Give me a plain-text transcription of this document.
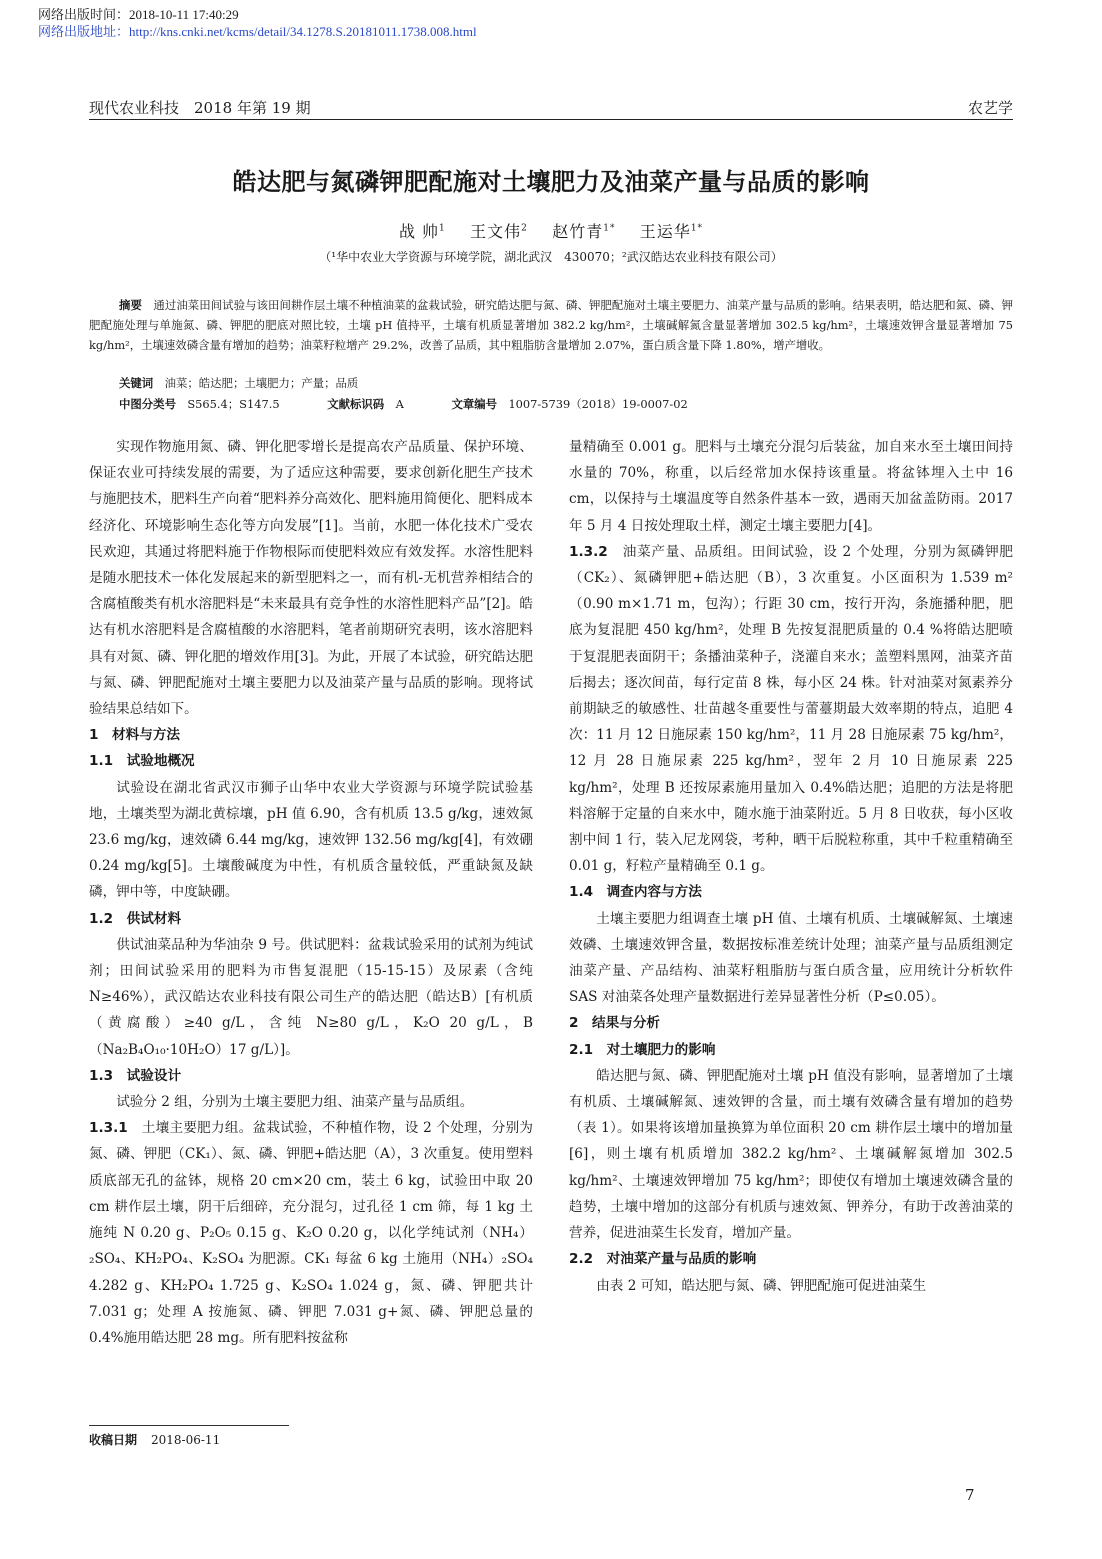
网络出版时间：2018-10-11 17:40:29
网络出版地址：http://kns.cnki.net/kcms/detail/34.1278.S.20181011.1738.008.html
现代农业科技　2018 年第 19 期	农艺学
皓达肥与氮磷钾肥配施对土壤肥力及油菜产量与品质的影响
战 帅$^1$ 王文伟$^2$ 赵竹青$^{1*}$ 王运华$^{1*}$
（¹华中农业大学资源与环境学院，湖北武汉　430070；²武汉皓达农业科技有限公司）
摘要　 通过油菜田间试验与该田间耕作层土壤不种植油菜的盆栽试验，研究皓达肥与氮、磷、钾肥配施对土壤主要肥力、油菜产量与品质的影响。结果表明，皓达肥和氮、磷、钾肥配施处理与单施氮、磷、钾肥的肥底对照比较，土壤 pH 值持平，土壤有机质显著增加 382.2 kg/hm²，土壤碱解氮含量显著增加 302.5 kg/hm²，土壤速效钾含量显著增加 75 kg/hm²，土壤速效磷含量有增加的趋势；油菜籽粒增产 29.2%，改善了品质，其中粗脂肪含量增加 2.07%，蛋白质含量下降 1.80%，增产增收。
关键词　 油菜；皓达肥；土壤肥力；产量；品质
中图分类号　 S565.4；S147.5	文献标识码　 A	文章编号　 1007-5739（2018）19-0007-02

实现作物施用氮、磷、钾化肥零增长是提高农产品质量、保护环境、保证农业可持续发展的需要，为了适应这种需要，要求创新化肥生产技术与施肥技术，肥料生产向着“肥料养分高效化、肥料施用简便化、肥料成本经济化、环境影响生态化等方向发展”[1]。当前，水肥一体化技术广受农民欢迎，其通过将肥料施于作物根际而使肥料效应有效发挥。水溶性肥料是随水肥技术一体化发展起来的新型肥料之一，而有机-无机营养相结合的含腐植酸类有机水溶肥料是“未来最具有竞争性的水溶性肥料产品”[2]。皓达有机水溶肥料是含腐植酸的水溶肥料，笔者前期研究表明，该水溶肥料具有对氮、磷、钾化肥的增效作用[3]。为此，开展了本试验，研究皓达肥与氮、磷、钾肥配施对土壤主要肥力以及油菜产量与品质的影响。现将试验结果总结如下。

1　材料与方法
1.1　试验地概况

试验设在湖北省武汉市狮子山华中农业大学资源与环境学院试验基地，土壤类型为湖北黄棕壤，pH 值 6.90，含有机质 13.5 g/kg，速效氮 23.6 mg/kg，速效磷 6.44 mg/kg，速效钾 132.56 mg/kg[4]，有效硼 0.24 mg/kg[5]。土壤酸碱度为中性，有机质含量较低，严重缺氮及缺磷，钾中等，中度缺硼。

1.2　供试材料

供试油菜品种为华油杂 9 号。供试肥料：盆栽试验采用的试剂为纯试剂；田间试验采用的肥料为市售复混肥（15-15-15）及尿素（含纯N≥46%），武汉皓达农业科技有限公司生产的皓达肥（皓达B）[有机质（黄腐酸）≥40 g/L，含纯 N≥80 g/L，K₂O 20 g/L，B（Na₂B₄O₁₀·10H₂O）17 g/L）]。

1.3　试验设计

试验分 2 组，分别为土壤主要肥力组、油菜产量与品质组。

1.3.1　 土壤主要肥力组。盆栽试验，不种植作物，设 2 个处理，分别为氮、磷、钾肥（CK₁）、氮、磷、钾肥+皓达肥（A），3 次重复。使用塑料质底部无孔的盆钵，规格 20 cm×20 cm，装土 6 kg，试验田中取 20 cm 耕作层土壤，阴干后细碎，充分混匀，过孔径 1 cm 筛，每 1 kg 土施纯 N 0.20 g、P₂O₅ 0.15 g、K₂O 0.20 g，以化学纯试剂（NH₄）₂SO₄、KH₂PO₄、K₂SO₄ 为肥源。CK₁ 每盆 6 kg 土施用（NH₄）₂SO₄ 4.282 g、KH₂PO₄ 1.725 g、K₂SO₄ 1.024 g，氮、磷、钾肥共计 7.031 g；处理 A 按施氮、磷、钾肥 7.031 g+氮、磷、钾肥总量的 0.4%施用皓达肥 28 mg。所有肥料按盆称

量精确至 0.001 g。肥料与土壤充分混匀后装盆，加自来水至土壤田间持水量的 70%，称重，以后经常加水保持该重量。将盆钵埋入土中 16 cm，以保持与土壤温度等自然条件基本一致，遇雨天加盆盖防雨。2017 年 5 月 4 日按处理取土样，测定土壤主要肥力[4]。

1.3.2　 油菜产量、品质组。田间试验，设 2 个处理，分别为氮磷钾肥（CK₂）、氮磷钾肥+皓达肥（B），3 次重复。小区面积为 1.539 m²（0.90 m×1.71 m，包沟）；行距 30 cm，按行开沟，条施播种肥，肥底为复混肥 450 kg/hm²，处理 B 先按复混肥质量的 0.4 %将皓达肥喷于复混肥表面阴干；条播油菜种子，浇灌自来水；盖塑料黑网，油菜齐苗后揭去；逐次间苗，每行定苗 8 株，每小区 24 株。针对油菜对氮素养分前期缺乏的敏感性、壮苗越冬重要性与蕾薹期最大效率期的特点，追肥 4 次：11 月 12 日施尿素 150 kg/hm²，11 月 28 日施尿素 75 kg/hm²，12 月 28 日施尿素 225 kg/hm²，翌年 2 月 10 日施尿素 225 kg/hm²，处理 B 还按尿素施用量加入 0.4%皓达肥；追肥的方法是将肥料溶解于定量的自来水中，随水施于油菜附近。5 月 8 日收获，每小区收割中间 1 行，装入尼龙网袋，考种，晒干后脱粒称重，其中千粒重精确至 0.01 g，籽粒产量精确至 0.1 g。

1.4　调查内容与方法

土壤主要肥力组调查土壤 pH 值、土壤有机质、土壤碱解氮、土壤速效磷、土壤速效钾含量，数据按标准差统计处理；油菜产量与品质组测定油菜产量、产品结构、油菜籽粗脂肪与蛋白质含量，应用统计分析软件 SAS 对油菜各处理产量数据进行差异显著性分析（P≤0.05）。

2　结果与分析
2.1　对土壤肥力的影响

皓达肥与氮、磷、钾肥配施对土壤 pH 值没有影响，显著增加了土壤有机质、土壤碱解氮、速效钾的含量，而土壤有效磷含量有增加的趋势（表 1）。如果将该增加量换算为单位面积 20 cm 耕作层土壤中的增加量[6]，则土壤有机质增加 382.2 kg/hm²、土壤碱解氮增加 302.5 kg/hm²、土壤速效钾增加 75 kg/hm²；即使仅有增加土壤速效磷含量的趋势，土壤中增加的这部分有机质与速效氮、钾养分，有助于改善油菜的营养，促进油菜生长发育，增加产量。

2.2　对油菜产量与品质的影响

由表 2 可知，皓达肥与氮、磷、钾肥配施可促进油菜生

收稿日期 2018-06-11
7
